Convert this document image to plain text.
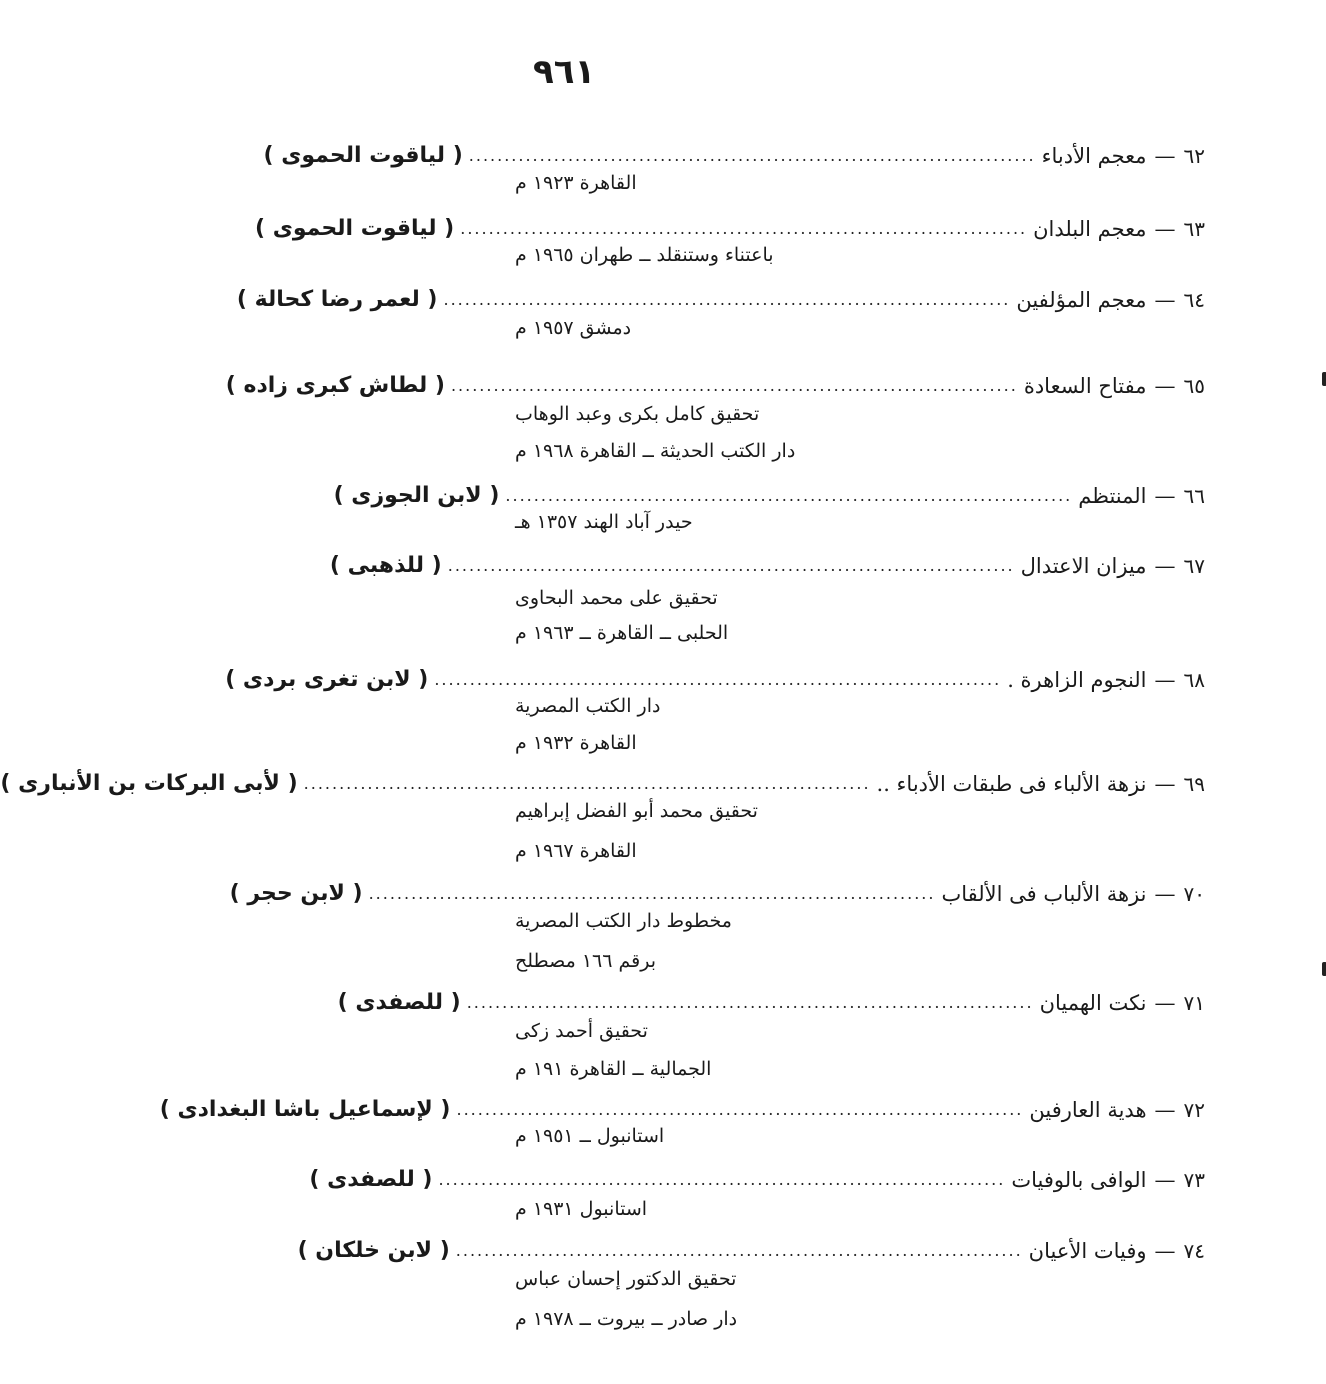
٩٦١
٦٢
—
معجم الأدباء
................................................................................
( لياقوت الحموى )
القاهرة ١٩٢٣ م
٦٣
—
معجم البلدان
................................................................................
( لياقوت الحموى )
باعتناء وستنقلد ــ طهران ١٩٦٥ م
٦٤
—
معجم المؤلفين
................................................................................
( لعمر رضا كحالة )
دمشق ١٩٥٧ م
٦٥
—
مفتاح السعادة
................................................................................
( لطاش كبرى زاده )
تحقيق كامل بكرى وعبد الوهاب
دار الكتب الحديثة ــ القاهرة ١٩٦٨ م
٦٦
—
المنتظم
................................................................................
( لابن الجوزى )
حيدر آباد الهند ١٣٥٧ هـ
٦٧
—
ميزان الاعتدال
................................................................................
( للذهبى )
تحقيق على محمد البحاوى
الحلبى ــ القاهرة ــ ١٩٦٣ م
٦٨
—
النجوم الزاهرة .
................................................................................
( لابن تغرى بردى )
دار الكتب المصرية
القاهرة ١٩٣٢ م
٦٩
—
نزهة الألباء فى طبقات الأدباء ..
................................................................................
( لأبى البركات بن الأنبارى )
تحقيق محمد أبو الفضل إبراهيم
القاهرة ١٩٦٧ م
٧٠
—
نزهة الألباب فى الألقاب
................................................................................
( لابن حجر )
مخطوط دار الكتب المصرية
برقم ١٦٦ مصطلح
٧١
—
نكت الهميان
................................................................................
( للصفدى )
تحقيق أحمد زكى
الجمالية ــ القاهرة ١٩١ م
٧٢
—
هدية العارفين
................................................................................
( لإسماعيل باشا البغدادى )
استانبول ــ ١٩٥١ م
٧٣
—
الوافى بالوفيات
................................................................................
( للصفدى )
استانبول ١٩٣١ م
٧٤
—
وفيات الأعيان
................................................................................
( لابن خلكان )
تحقيق الدكتور إحسان عباس
دار صادر ــ بيروت ــ ١٩٧٨ م
